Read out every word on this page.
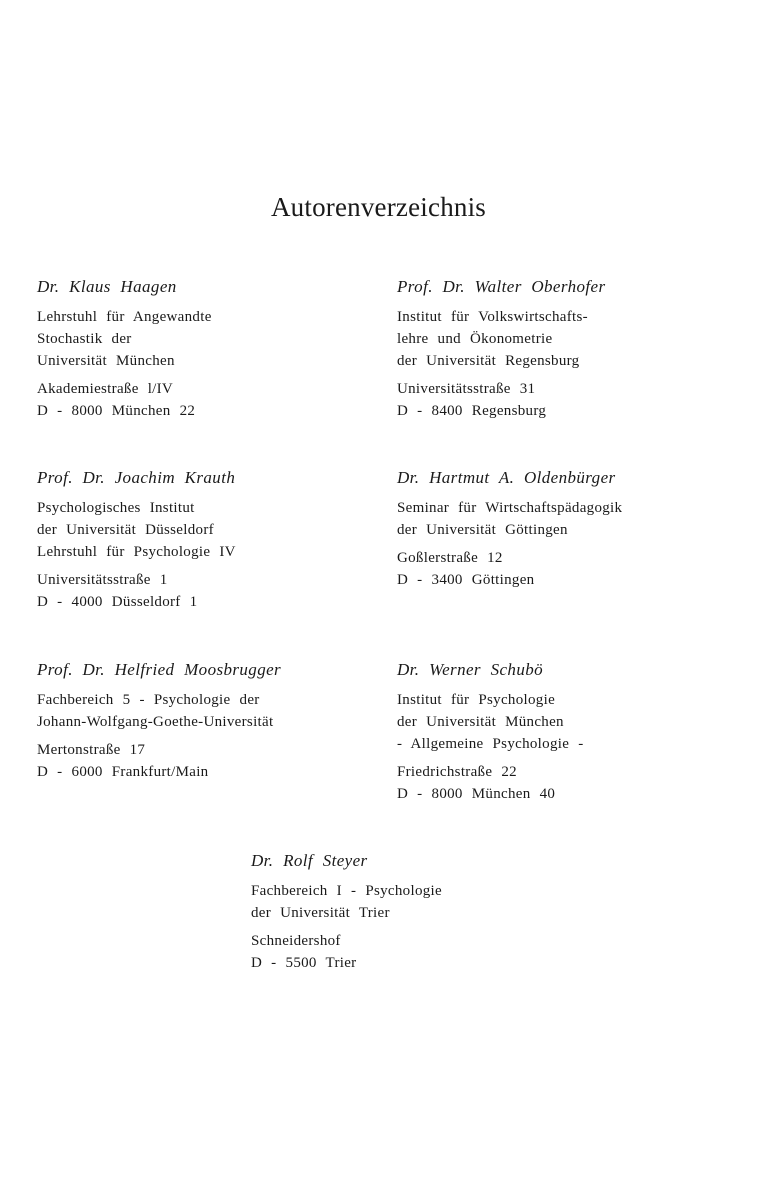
Autorenverzeichnis
Dr. Klaus Haagen
Lehrstuhl für Angewandte
Stochastik der
Universität München
Akademiestraße l/IV
D - 8000 München 22
Prof. Dr. Walter Oberhofer
Institut für Volkswirtschafts-
lehre und Ökonometrie
der Universität Regensburg
Universitätsstraße 31
D - 8400 Regensburg
Prof. Dr. Joachim Krauth
Psychologisches Institut
der Universität Düsseldorf
Lehrstuhl für Psychologie IV
Universitätsstraße 1
D - 4000 Düsseldorf 1
Dr. Hartmut A. Oldenbürger
Seminar für Wirtschaftspädagogik
der Universität Göttingen
Goßlerstraße 12
D - 3400 Göttingen
Prof. Dr. Helfried Moosbrugger
Fachbereich 5 - Psychologie der
Johann-Wolfgang-Goethe-Universität
Mertonstraße 17
D - 6000 Frankfurt/Main
Dr. Werner Schubö
Institut für Psychologie
der Universität München
- Allgemeine Psychologie -
Friedrichstraße 22
D - 8000 München 40
Dr. Rolf Steyer
Fachbereich I - Psychologie
der Universität Trier
Schneidershof
D - 5500 Trier
